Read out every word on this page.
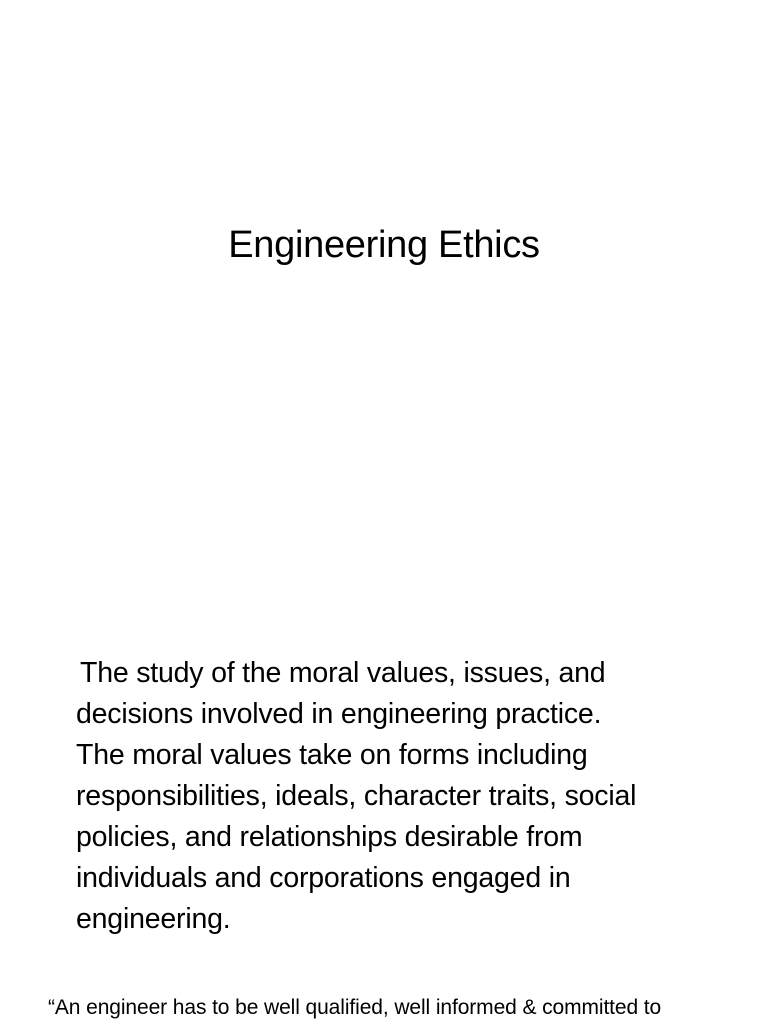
Engineering Ethics
The study of the moral values, issues, and
decisions involved in engineering practice.
The moral values take on forms including
responsibilities, ideals, character traits, social
policies, and relationships desirable from
individuals and corporations engaged in
engineering.
“An engineer has to be well qualified, well informed & committed to
